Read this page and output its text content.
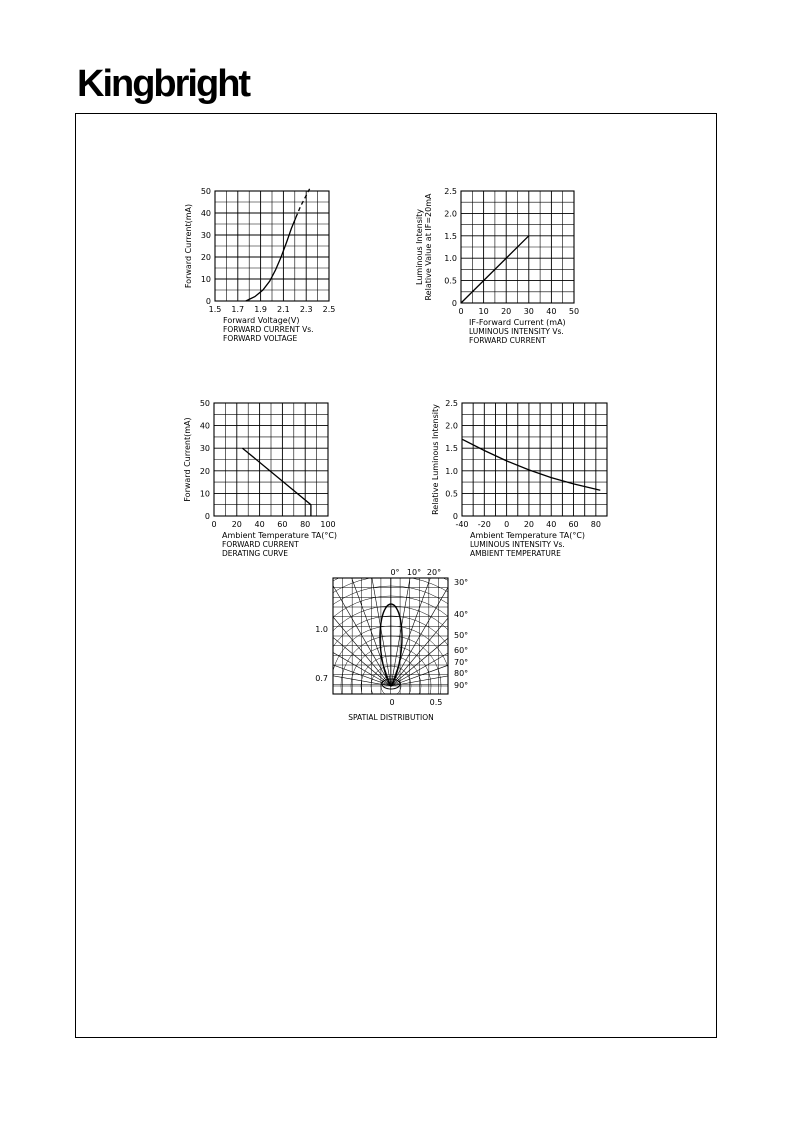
Kingbright
1.5 1.7 1.9 2.1 2.3 2.5
0
10
20
30
40
50
Forward Voltage(V)
FORWARD CURRENT Vs.
FORWARD VOLTAGE
Forward Current(mA)
0 10 20 30 40 50
0
0.5
1.0
1.5
2.0
2.5
IF-Forward Current (mA)
LUMINOUS INTENSITY Vs.
FORWARD CURRENT
Luminous Intensity Relative Value at IF=20mA
0 20 40 60 80 100
0
10
20
30
40
50
Ambient Temperature TA(°C)
FORWARD CURRENT
DERATING CURVE
Forward Current(mA)
-40 -20 0 20 40 60 80
0
0.5
1.0
1.5
2.0
2.5
Ambient Temperature TA(°C)
LUMINOUS INTENSITY Vs.
AMBIENT TEMPERATURE
Relative Luminous Intensity
0° 10° 20°
30°
40°
50°
60°
70°
80°
90°
1.0
0.7
0	0.5
SPATIAL DISTRIBUTION
